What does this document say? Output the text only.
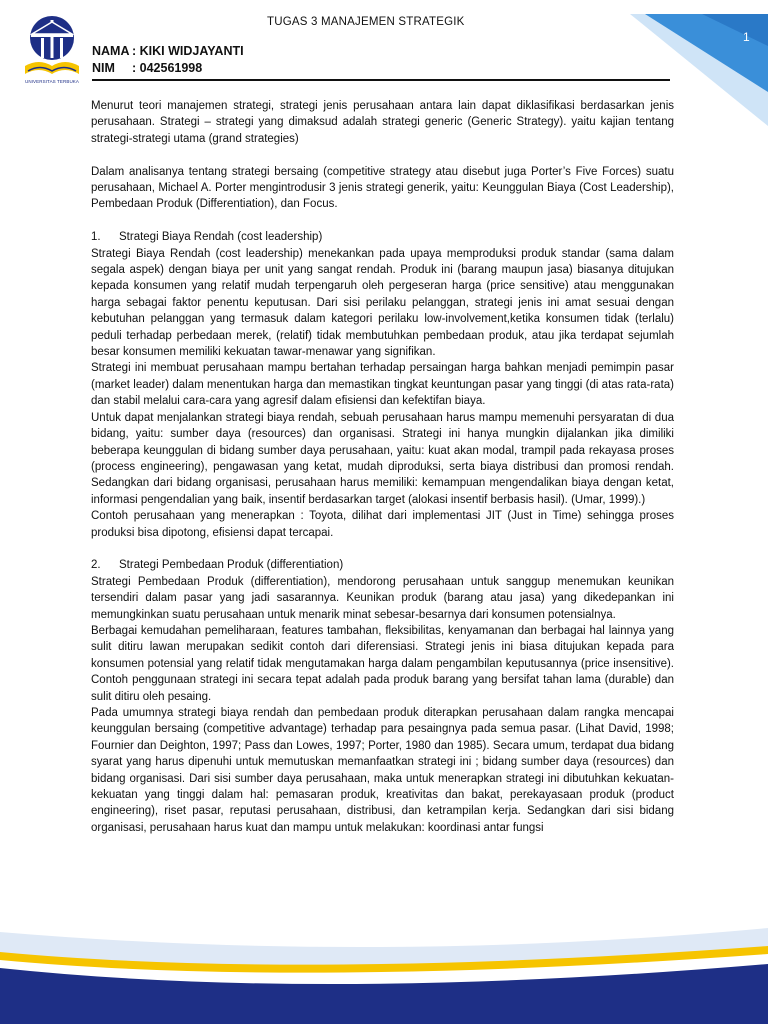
1
UNIVERSITAS TERBUKA
TUGAS 3 MANAJEMEN STRATEGIK
NAMA : KIKI WIDJAYANTI
NIM : 042561998

Menurut teori manajemen strategi, strategi jenis perusahaan antara lain dapat diklasifikasi berdasarkan jenis perusahaan. Strategi – strategi yang dimaksud adalah strategi generic (Generic Strategy). yaitu kajian tentang strategi-strategi utama (grand strategies)

Dalam analisanya tentang strategi bersaing (competitive strategy atau disebut juga Porter’s Five Forces) suatu perusahaan, Michael A. Porter mengintrodusir 3 jenis strategi generik, yaitu: Keunggulan Biaya (Cost Leadership), Pembedaan Produk (Differentiation), dan Focus.

1.	Strategi Biaya Rendah (cost leadership)

Strategi Biaya Rendah (cost leadership) menekankan pada upaya memproduksi produk standar (sama dalam segala aspek) dengan biaya per unit yang sangat rendah. Produk ini (barang maupun jasa) biasanya ditujukan kepada konsumen yang relatif mudah terpengaruh oleh pergeseran harga (price sensitive) atau menggunakan harga sebagai faktor penentu keputusan. Dari sisi perilaku pelanggan, strategi jenis ini amat sesuai dengan kebutuhan pelanggan yang termasuk dalam kategori perilaku low-involvement,ketika konsumen tidak (terlalu) peduli terhadap perbedaan merek, (relatif) tidak membutuhkan pembedaan produk, atau jika terdapat sejumlah besar konsumen memiliki kekuatan tawar-menawar yang signifikan.

Strategi ini membuat perusahaan mampu bertahan terhadap persaingan harga bahkan menjadi pemimpin pasar (market leader) dalam menentukan harga dan memastikan tingkat keuntungan pasar yang tinggi (di atas rata-rata) dan stabil melalui cara-cara yang agresif dalam efisiensi dan kefektifan biaya.

Untuk dapat menjalankan strategi biaya rendah, sebuah perusahaan harus mampu memenuhi persyaratan di dua bidang, yaitu: sumber daya (resources) dan organisasi. Strategi ini hanya mungkin dijalankan jika dimiliki beberapa keunggulan di bidang sumber daya perusahaan, yaitu: kuat akan modal, trampil pada rekayasa proses (process engineering), pengawasan yang ketat, mudah diproduksi, serta biaya distribusi dan promosi rendah. Sedangkan dari bidang organisasi, perusahaan harus memiliki: kemampuan mengendalikan biaya dengan ketat, informasi pengendalian yang baik, insentif berdasarkan target (alokasi insentif berbasis hasil). (Umar, 1999).)

Contoh perusahaan yang menerapkan : Toyota, dilihat dari implementasi JIT (Just in Time) sehingga proses produksi bisa dipotong, efisiensi dapat tercapai.

2.	Strategi Pembedaan Produk (differentiation)

Strategi Pembedaan Produk (differentiation), mendorong perusahaan untuk sanggup menemukan keunikan tersendiri dalam pasar yang jadi sasarannya. Keunikan produk (barang atau jasa) yang dikedepankan ini memungkinkan suatu perusahaan untuk menarik minat sebesar-besarnya dari konsumen potensialnya.

Berbagai kemudahan pemeliharaan, features tambahan, fleksibilitas, kenyamanan dan berbagai hal lainnya yang sulit ditiru lawan merupakan sedikit contoh dari diferensiasi. Strategi jenis ini biasa ditujukan kepada para konsumen potensial yang relatif tidak mengutamakan harga dalam pengambilan keputusannya (price insensitive). Contoh penggunaan strategi ini secara tepat adalah pada produk barang yang bersifat tahan lama (durable) dan sulit ditiru oleh pesaing.

Pada umumnya strategi biaya rendah dan pembedaan produk diterapkan perusahaan dalam rangka mencapai keunggulan bersaing (competitive advantage) terhadap para pesaingnya pada semua pasar. (Lihat David, 1998; Fournier dan Deighton, 1997; Pass dan Lowes, 1997; Porter, 1980 dan 1985). Secara umum, terdapat dua bidang syarat yang harus dipenuhi untuk memutuskan memanfaatkan strategi ini ; bidang sumber daya (resources) dan bidang organisasi. Dari sisi sumber daya perusahaan, maka untuk menerapkan strategi ini dibutuhkan kekuatan-kekuatan yang tinggi dalam hal: pemasaran produk, kreativitas dan bakat, perekayasaan produk (product engineering), riset pasar, reputasi perusahaan, distribusi, dan ketrampilan kerja. Sedangkan dari sisi bidang organisasi, perusahaan harus kuat dan mampu untuk melakukan: koordinasi antar fungsi
